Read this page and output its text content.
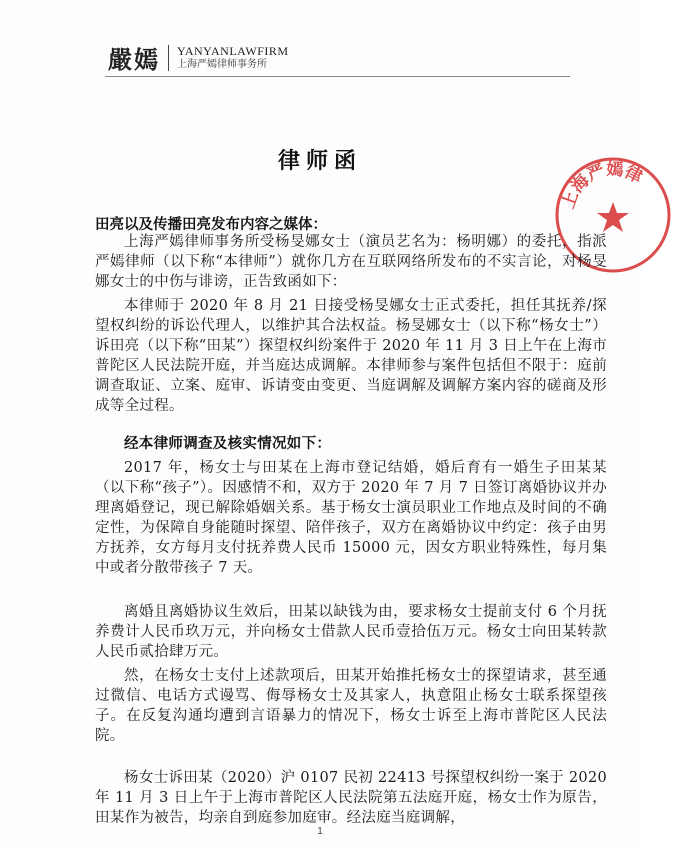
嚴嫣 YANYANLAWFIRM
上海严嫣律师事务所
上海严嫣律
律师函
田亮以及传播田亮发布内容之媒体：
上海严嫣律师事务所受杨旻娜女士（演员艺名为：杨明娜）的委托，指派严嫣律师（以下称“本律师”）就你几方在互联网络所发布的不实言论，对杨旻娜女士的中伤与诽谤，正告致函如下：
本律师于 2020 年 8 月 21 日接受杨旻娜女士正式委托，担任其抚养/探望权纠纷的诉讼代理人，以维护其合法权益。杨旻娜女士（以下称“杨女士”）诉田亮（以下称“田某”）探望权纠纷案件于 2020 年 11 月 3 日上午在上海市普陀区人民法院开庭，并当庭达成调解。本律师参与案件包括但不限于：庭前调查取证、立案、庭审、诉请变由变更、当庭调解及调解方案内容的磋商及形成等全过程。
经本律师调查及核实情况如下：
2017 年，杨女士与田某在上海市登记结婚，婚后育有一婚生子田某某（以下称“孩子”）。因感情不和，双方于 2020 年 7 月 7 日签订离婚协议并办理离婚登记，现已解除婚姻关系。基于杨女士演员职业工作地点及时间的不确定性，为保障自身能随时探望、陪伴孩子，双方在离婚协议中约定：孩子由男方抚养，女方每月支付抚养费人民币 15000 元，因女方职业特殊性，每月集中或者分散带孩子 7 天。
离婚且离婚协议生效后，田某以缺钱为由，要求杨女士提前支付 6 个月抚养费计人民币玖万元，并向杨女士借款人民币壹拾伍万元。杨女士向田某转款人民币贰拾肆万元。
然，在杨女士支付上述款项后，田某开始推托杨女士的探望请求，甚至通过微信、电话方式谩骂、侮辱杨女士及其家人，执意阻止杨女士联系探望孩子。在反复沟通均遭到言语暴力的情况下，杨女士诉至上海市普陀区人民法院。
杨女士诉田某（2020）沪 0107 民初 22413 号探望权纠纷一案于 2020 年 11 月 3 日上午于上海市普陀区人民法院第五法庭开庭，杨女士作为原告，田某作为被告，均亲自到庭参加庭审。经法庭当庭调解，
1
